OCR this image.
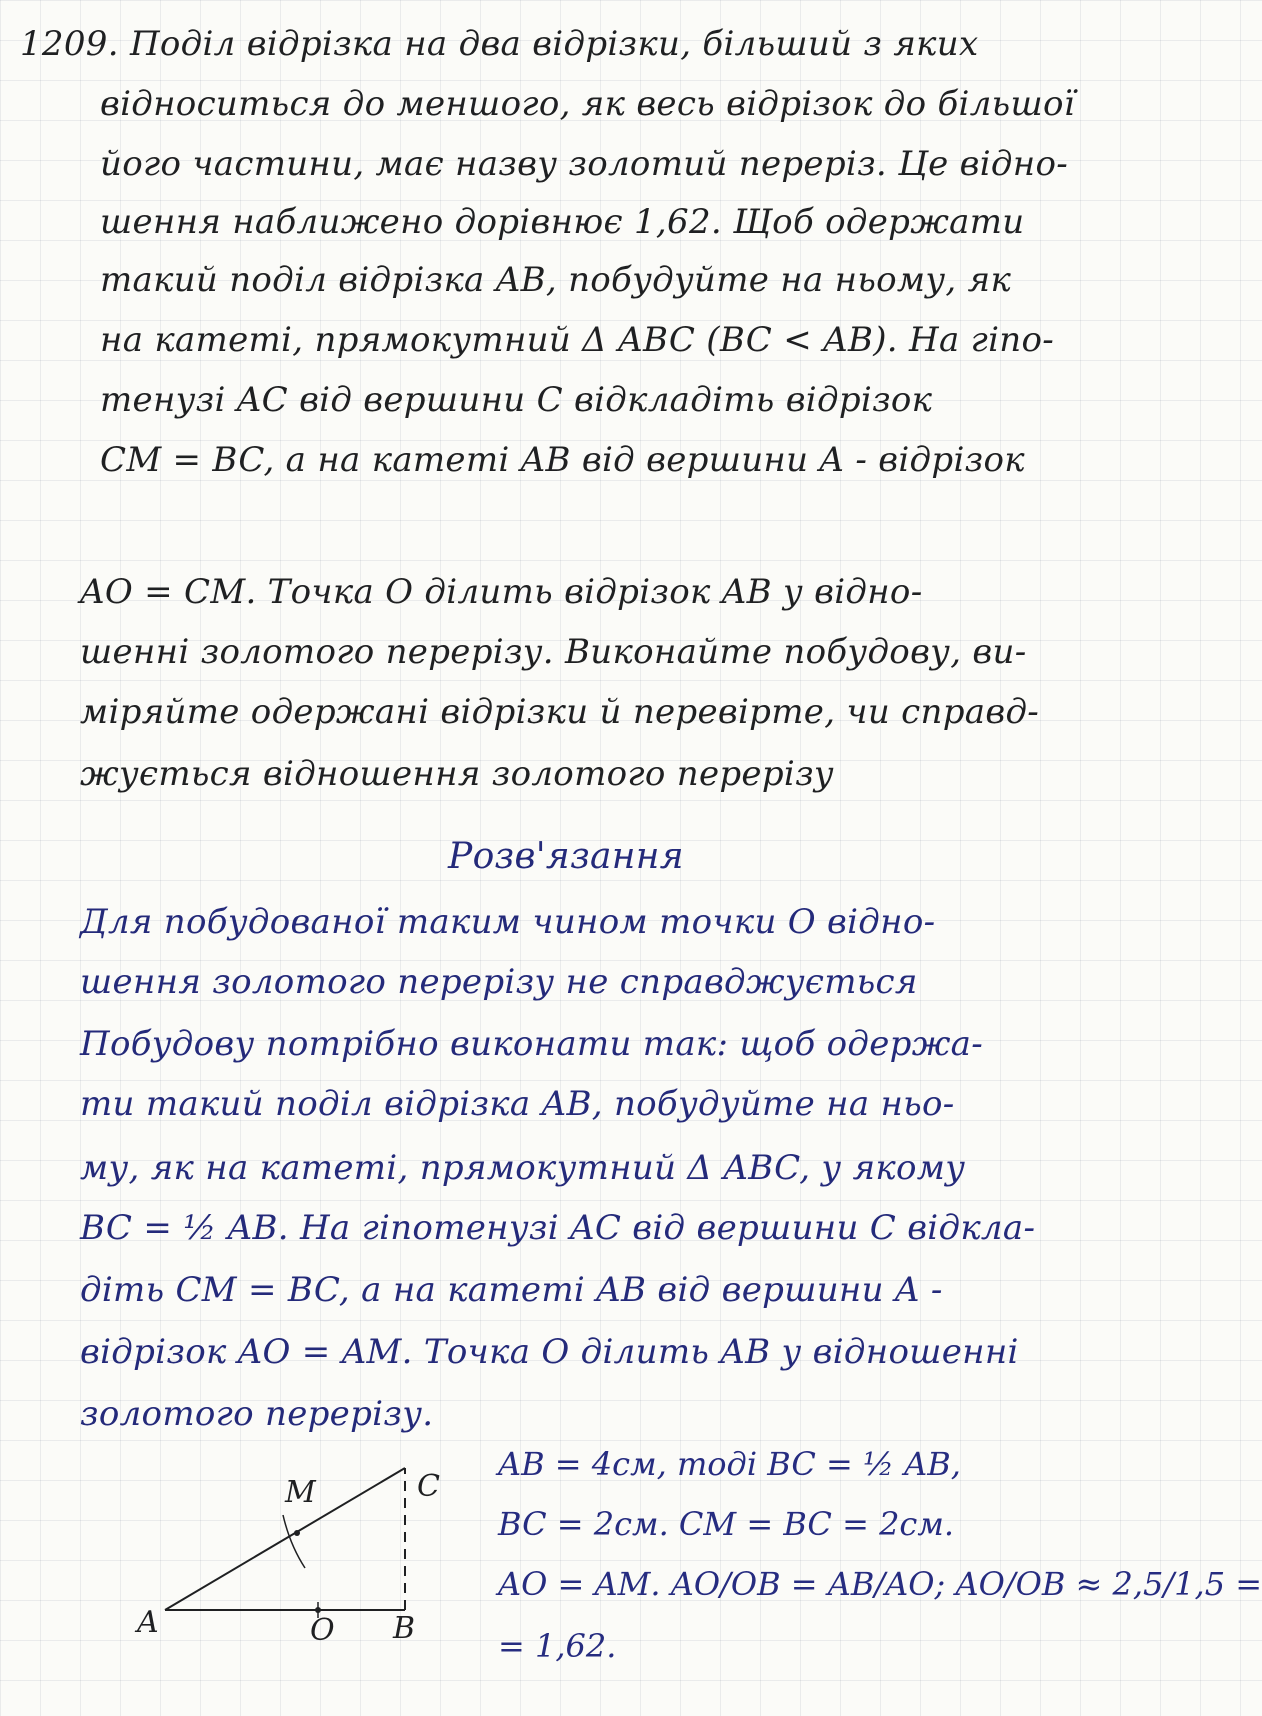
1209. Поділ відрізка на два відрізки, більший з яких
відноситься до меншого, як весь відрізок до більшої
його частини, має назву золотий переріз. Це відно-
шення наближено дорівнює 1,62. Щоб одержати
такий поділ відрізка AB, побудуйте на ньому, як
на катеті, прямокутний Δ ABC (BC < AB). На гіпо-
тенузі AC від вершини C відкладіть відрізок
CM = BC, а на катеті AB від вершини A - відрізок
AO = CM. Точка O ділить відрізок AB у відно-
шенні золотого перерізу. Виконайте побудову, ви-
міряйте одержані відрізки й перевірте, чи справд-
жується відношення золотого перерізу
Розв'язання
Для побудованої таким чином точки O відно-
шення золотого перерізу не справджується
Побудову потрібно виконати так: щоб одержа-
ти такий поділ відрізка AB, побудуйте на ньо-
му, як на катеті, прямокутний Δ ABC, у якому
BC = ½ AB. На гіпотенузі AC від вершини C відкла-
діть CM = BC, а на катеті AB від вершини A -
відрізок AO = AM. Точка O ділить AB у відношенні
золотого перерізу.
AB = 4см, тоді BC = ½ AB,
BC = 2см. CM = BC = 2см.
AO = AM. AO/OB = AB/AO; AO/OB ≈ 2,5/1,5 =
= 1,62.
A	B
C
M
O
